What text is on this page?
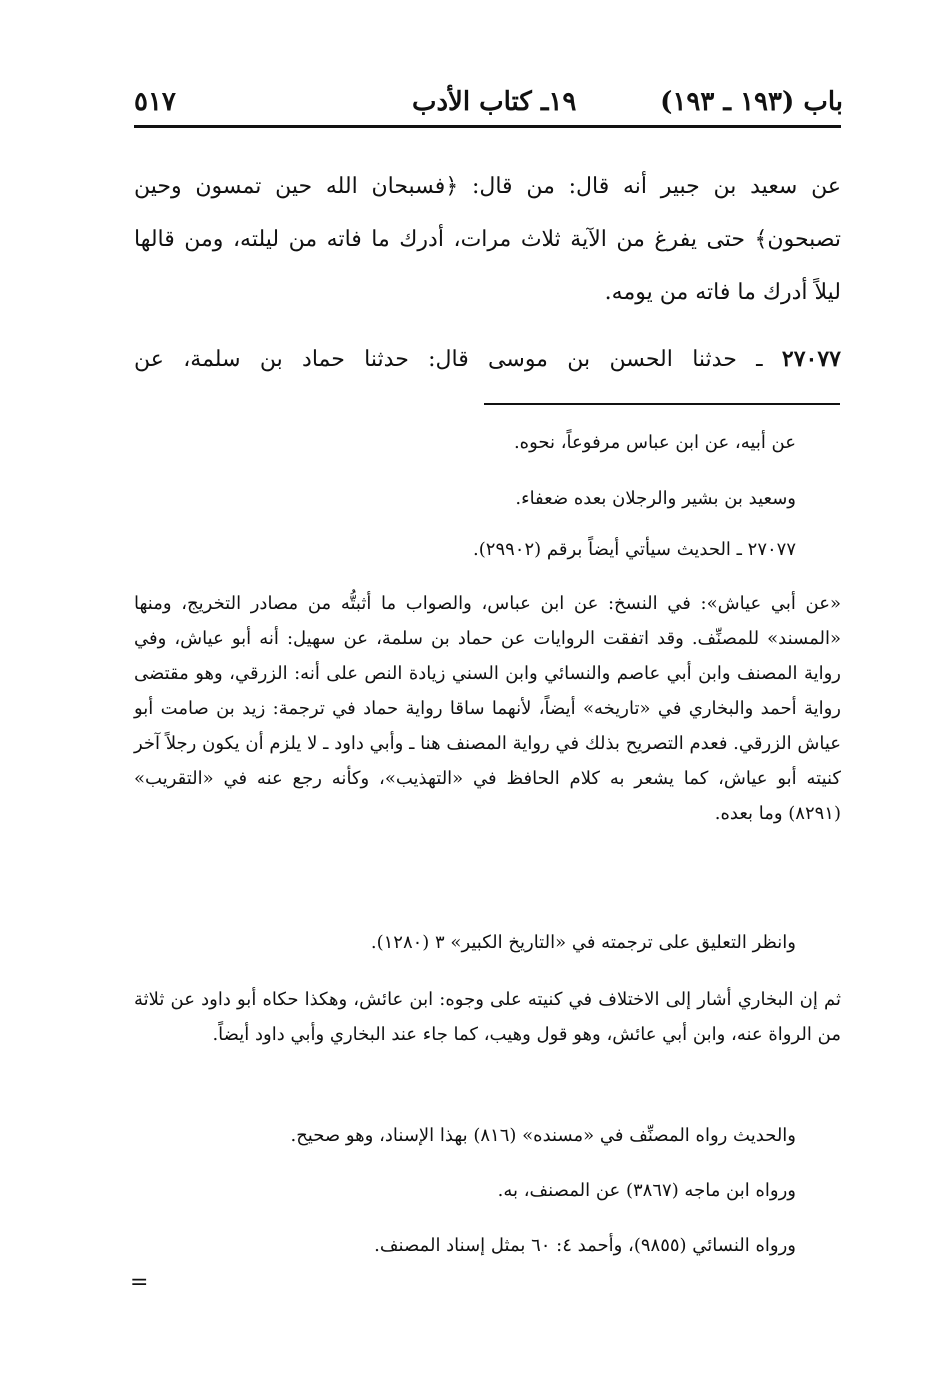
باب (١٩٣ ـ ١٩٣)
١٩ـ كتاب الأدب
٥١٧
عن سعيد بن جبير أنه قال: من قال: ﴿فسبحان الله حين تمسون وحين تصبحون﴾ حتى يفرغ من الآية ثلاث مرات، أدرك ما فاته من ليلته، ومن قالها ليلاً أدرك ما فاته من يومه.
٢٧٠٧٧ ـ حدثنا الحسن بن موسى قال: حدثنا حماد بن سلمة، عن
عن أبيه، عن ابن عباس مرفوعاً، نحوه.
وسعيد بن بشير والرجلان بعده ضعفاء.
٢٧٠٧٧ ـ الحديث سيأتي أيضاً برقم (٢٩٩٠٢).
«عن أبي عياش»: في النسخ: عن ابن عباس، والصواب ما أثبتُّه من مصادر التخريج، ومنها «المسند» للمصنِّف. وقد اتفقت الروايات عن حماد بن سلمة، عن سهيل: أنه أبو عياش، وفي رواية المصنف وابن أبي عاصم والنسائي وابن السني زيادة النص على أنه: الزرقي، وهو مقتضى رواية أحمد والبخاري في «تاريخه» أيضاً، لأنهما ساقا رواية حماد في ترجمة: زيد بن صامت أبو عياش الزرقي. فعدم التصريح بذلك في رواية المصنف هنا ـ وأبي داود ـ لا يلزم أن يكون رجلاً آخر كنيته أبو عياش، كما يشعر به كلام الحافظ في «التهذيب»، وكأنه رجع عنه في «التقريب» (٨٢٩١) وما بعده.
وانظر التعليق على ترجمته في «التاريخ الكبير» ٣ (١٢٨٠).
ثم إن البخاري أشار إلى الاختلاف في كنيته على وجوه: ابن عائش، وهكذا حكاه أبو داود عن ثلاثة من الرواة عنه، وابن أبي عائش، وهو قول وهيب، كما جاء عند البخاري وأبي داود أيضاً.
والحديث رواه المصنِّف في «مسنده» (٨١٦) بهذا الإسناد، وهو صحيح.
ورواه ابن ماجه (٣٨٦٧) عن المصنف، به.
ورواه النسائي (٩٨٥٥)، وأحمد ٤: ٦٠ بمثل إسناد المصنف.
=
